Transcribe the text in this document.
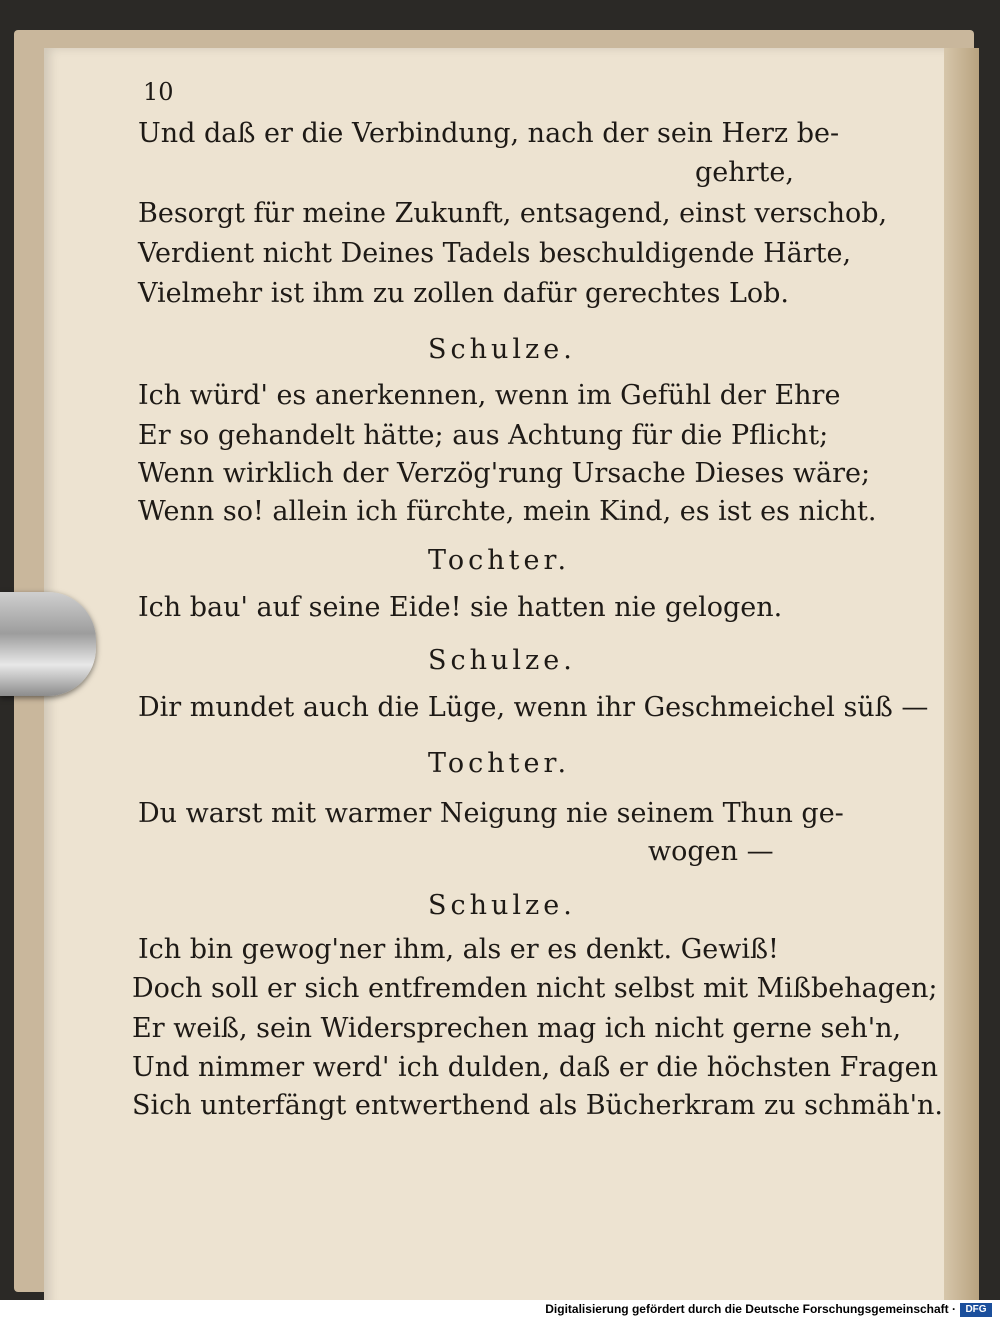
10
Und daß er die Verbindung, nach der sein Herz be-
gehrte,
Besorgt für meine Zukunft, entsagend, einst verschob,
Verdient nicht Deines Tadels beschuldigende Härte,
Vielmehr ist ihm zu zollen dafür gerechtes Lob.
Schulze.
Ich würd' es anerkennen, wenn im Gefühl der Ehre
Er so gehandelt hätte; aus Achtung für die Pflicht;
Wenn wirklich der Verzög'rung Ursache Dieses wäre;
Wenn so! allein ich fürchte, mein Kind, es ist es nicht.
Tochter.
Ich bau' auf seine Eide! sie hatten nie gelogen.
Schulze.
Dir mundet auch die Lüge, wenn ihr Geschmeichel süß —
Tochter.
Du warst mit warmer Neigung nie seinem Thun ge-
wogen —
Schulze.
Ich bin gewog'ner ihm, als er es denkt. Gewiß!
Doch soll er sich entfremden nicht selbst mit Mißbehagen;
Er weiß, sein Widersprechen mag ich nicht gerne seh'n,
Und nimmer werd' ich dulden, daß er die höchsten Fragen
Sich unterfängt entwerthend als Bücherkram zu schmäh'n.
Digitalisierung gefördert durch die Deutsche Forschungsgemeinschaft · DFG
